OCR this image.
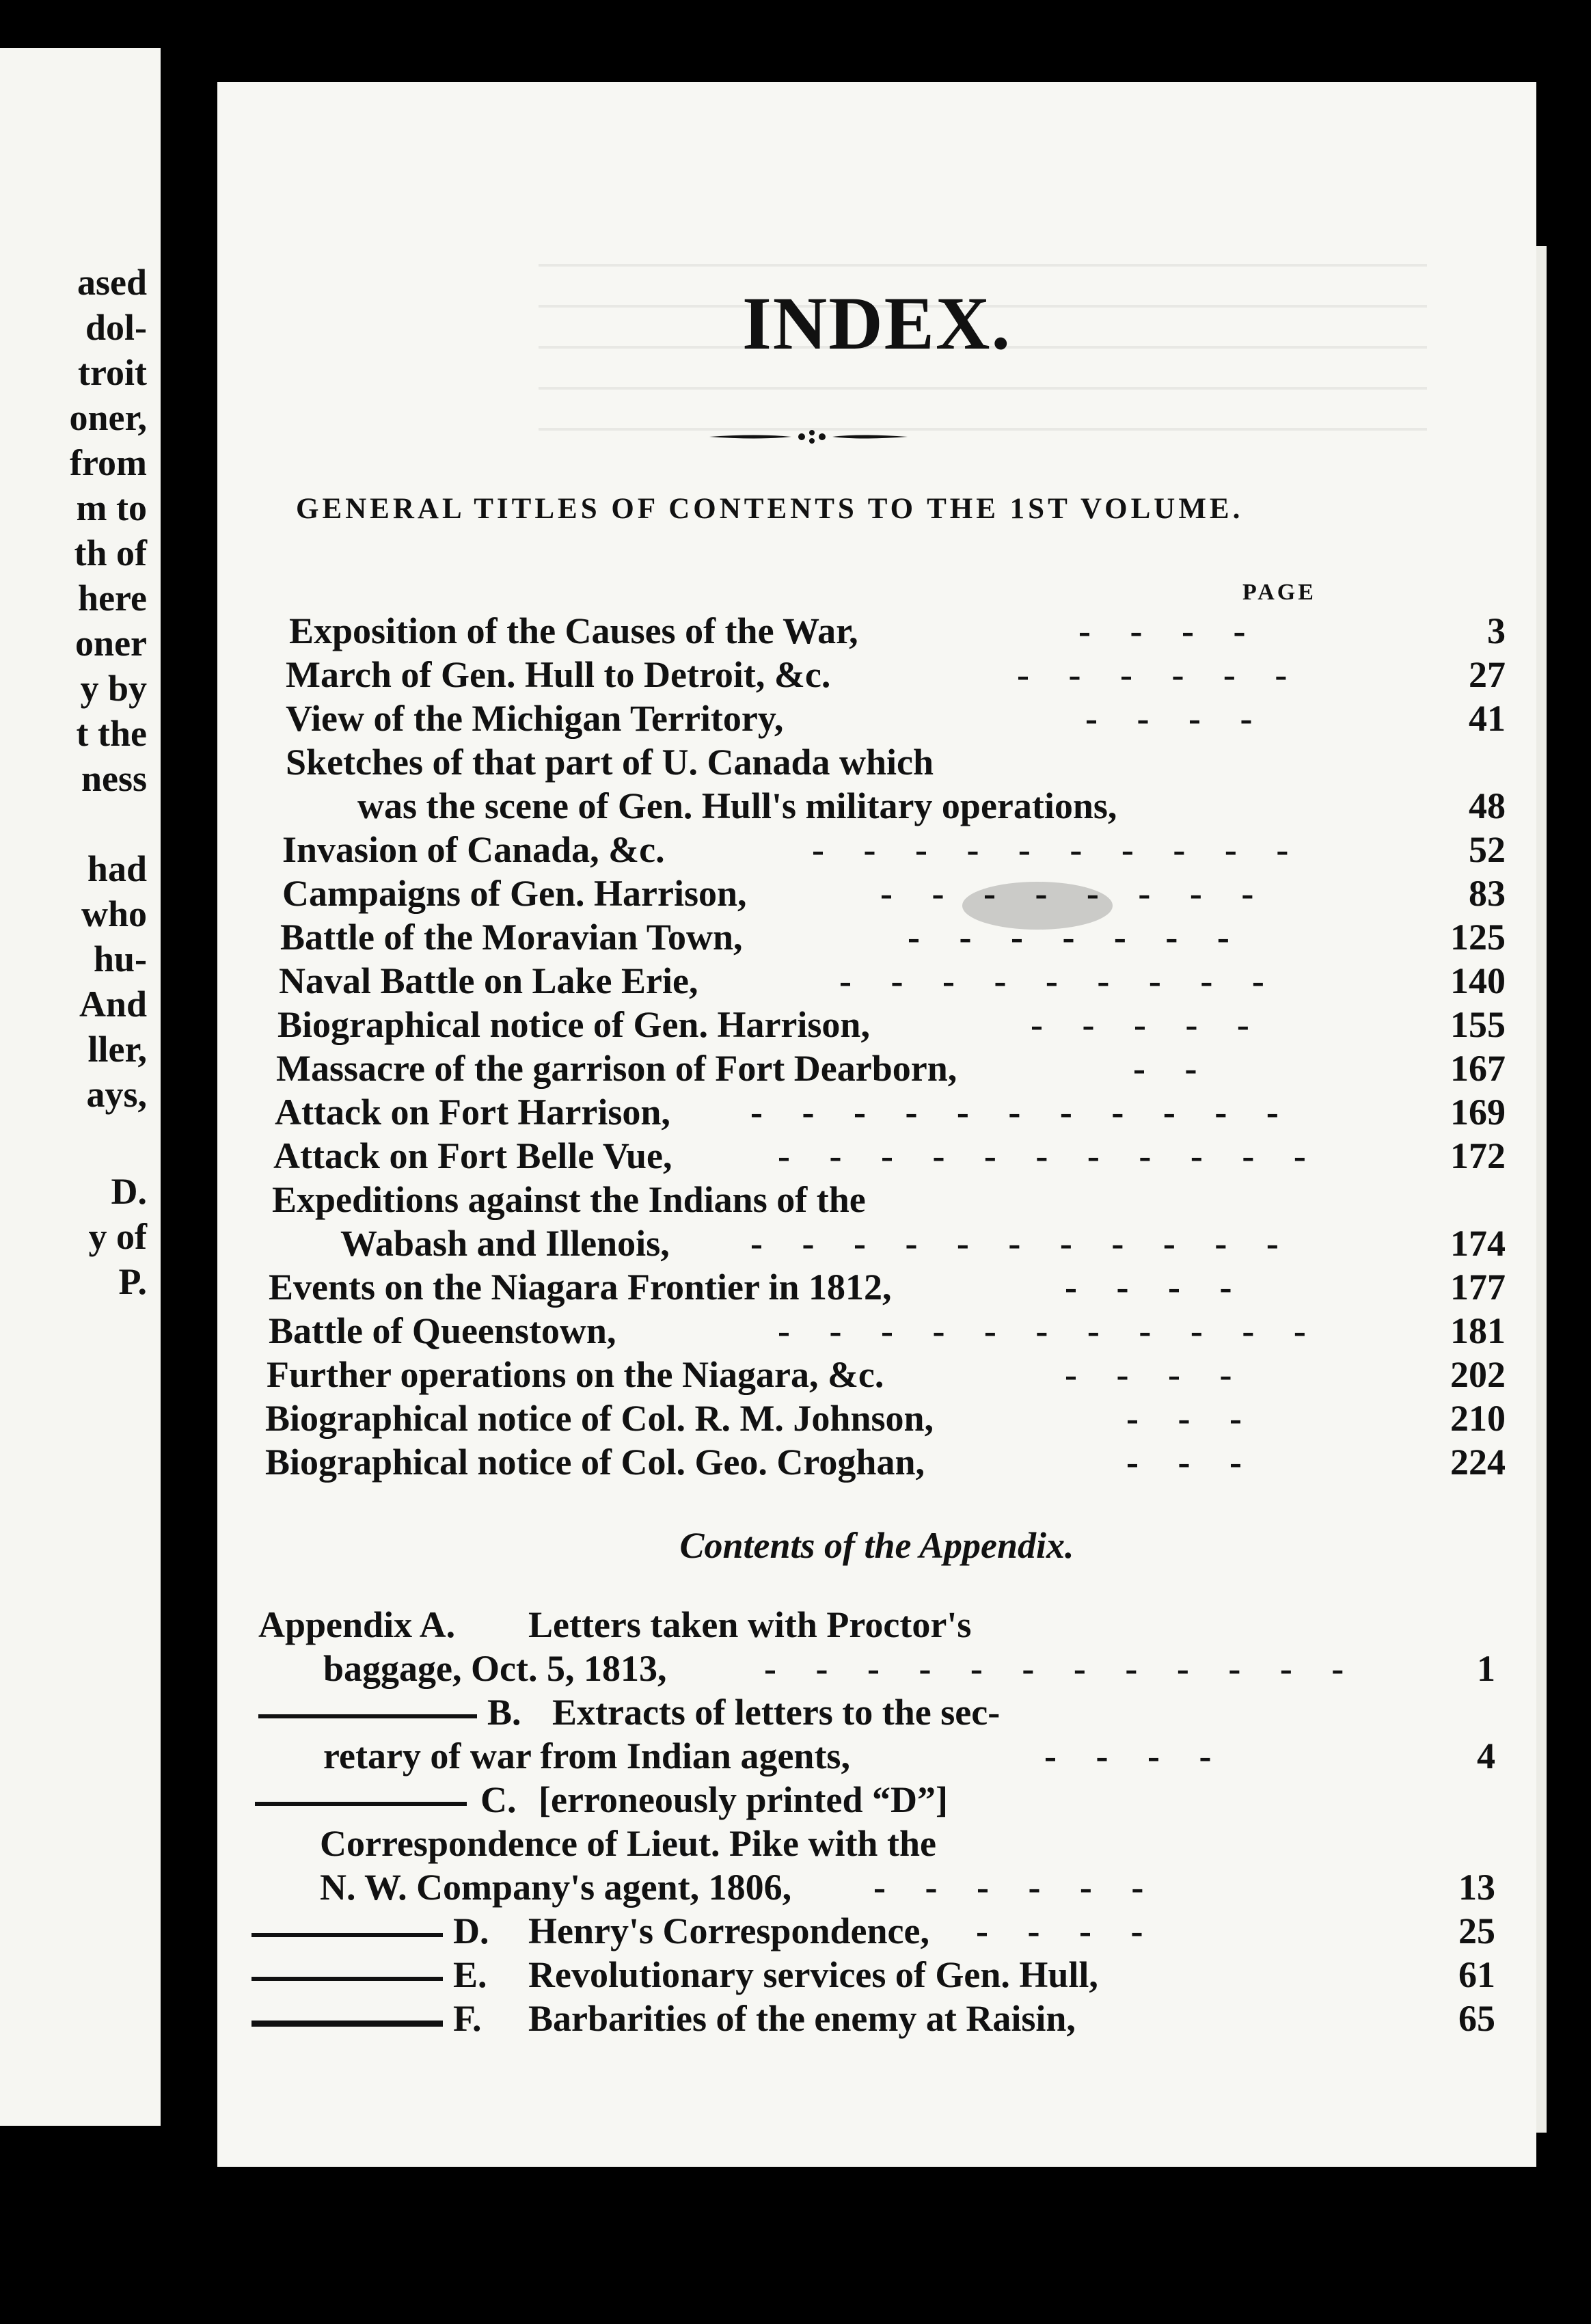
ased
dol-
troit
oner,
from
m to
th of
here
oner
y by
t the
ness
had
who
hu-
And
ller,
ays,
D.
y of
P.
INDEX.
GENERAL TITLES OF CONTENTS TO THE 1ST VOLUME.
PAGE
Exposition of the Causes of the War,	- - - -	3
March of Gen. Hull to Detroit, &c.	- - - - - -	27
View of the Michigan Territory,	- - - -	41
Sketches of that part of U. Canada which
was the scene of Gen. Hull's military operations,	48
Invasion of Canada, &c.	- - - - - - - - - -	52
Campaigns of Gen. Harrison,	- - - - - - - -	83
Battle of the Moravian Town,	- - - - - - -	125
Naval Battle on Lake Erie,	- - - - - - - - -	140
Biographical notice of Gen. Harrison,	- - - - -	155
Massacre of the garrison of Fort Dearborn,	- -	167
Attack on Fort Harrison, - - - - - - - - - - -	169
Attack on Fort Belle Vue,	- - - - - - - - - - -	172
Expeditions against the Indians of the
Wabash and Illenois, - - - - - - - - - - -	174
Events on the Niagara Frontier in 1812,	- - - -	177
Battle of Queenstown,	- - - - - - - - - - -	181
Further operations on the Niagara, &c.	- - - -	202
Biographical notice of Col. R. M. Johnson,	- - -	210
Biographical notice of Col. Geo. Croghan,	- - -	224
Contents of the Appendix.
Appendix A. Letters taken with Proctor's
baggage, Oct. 5, 1813,	- - - - - - - - - - - -	1
B. Extracts of letters to the sec-
retary of war from Indian agents,	- - - -	4
C. [erroneously printed “D”]
Correspondence of Lieut. Pike with the
N. W. Company's agent, 1806, - - - - - -	13
D. Henry's Correspondence, - - - -	25
E. Revolutionary services of Gen. Hull,	61
F. Barbarities of the enemy at Raisin,	65
